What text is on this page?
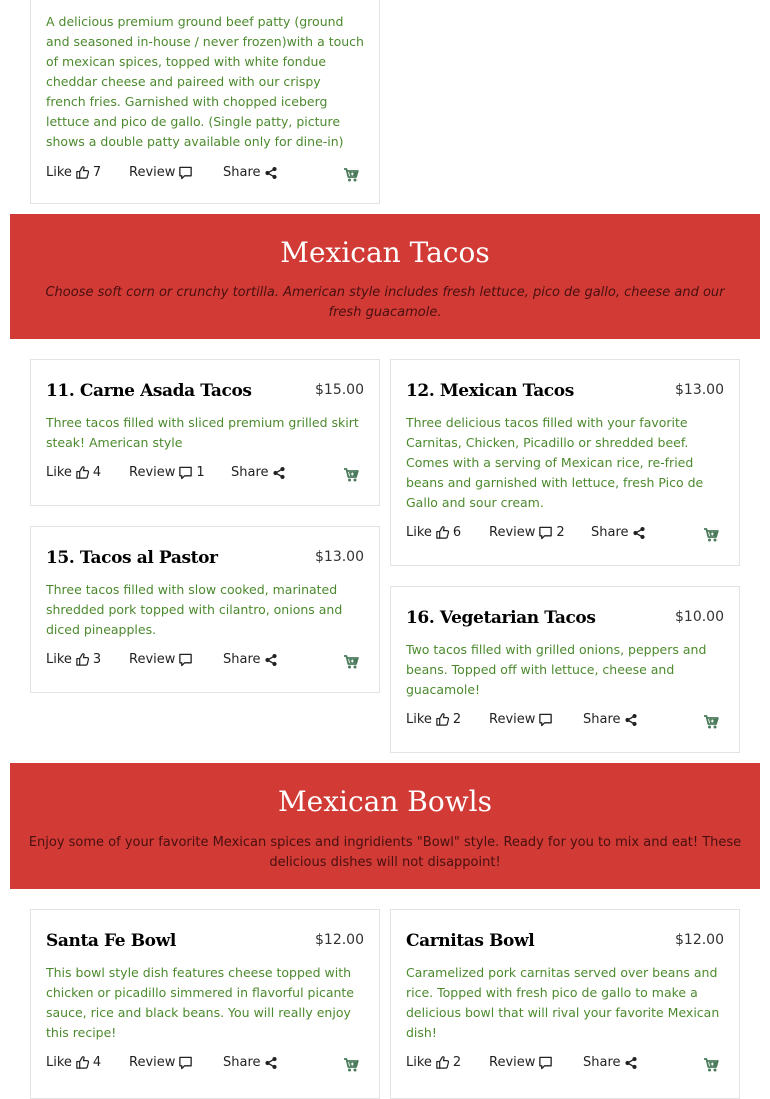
A delicious premium ground beef patty (ground and seasoned in-house / never frozen)with a touch of mexican spices, topped with white fondue cheddar cheese and paireed with our crispy french fries. Garnished with chopped iceberg lettuce and pico de gallo. (Single patty, picture shows a double patty available only for dine-in)

Like 7 Review	Share
Mexican Tacos

Choose soft corn or crunchy tortilla. American style includes fresh lettuce, pico de gallo, cheese and our fresh guacamole.

11. Carne Asada Tacos	$15.00

Three tacos filled with sliced premium grilled skirt steak! American style

Like 4 Review 1 Share
12. Mexican Tacos	$13.00

Three delicious tacos filled with your favorite Carnitas, Chicken, Picadillo or shredded beef. Comes with a serving of Mexican rice, re-fried beans and garnished with lettuce, fresh Pico de Gallo and sour cream.

Like 6 Review 2 Share
15. Tacos al Pastor	$13.00

Three tacos filled with slow cooked, marinated shredded pork topped with cilantro, onions and diced pineapples.

Like 3 Review	Share
16. Vegetarian Tacos	$10.00

Two tacos filled with grilled onions, peppers and beans. Topped off with lettuce, cheese and guacamole!

Like 2 Review	Share
Mexican Bowls

Enjoy some of your favorite Mexican spices and ingridients "Bowl" style. Ready for you to mix and eat! These delicious dishes will not disappoint!

Santa Fe Bowl	$12.00

This bowl style dish features cheese topped with chicken or picadillo simmered in flavorful picante sauce, rice and black beans. You will really enjoy this recipe!

Like 4 Review	Share
Carnitas Bowl	$12.00

Caramelized pork carnitas served over beans and rice. Topped with fresh pico de gallo to make a delicious bowl that will rival your favorite Mexican dish!

Like 2 Review	Share
